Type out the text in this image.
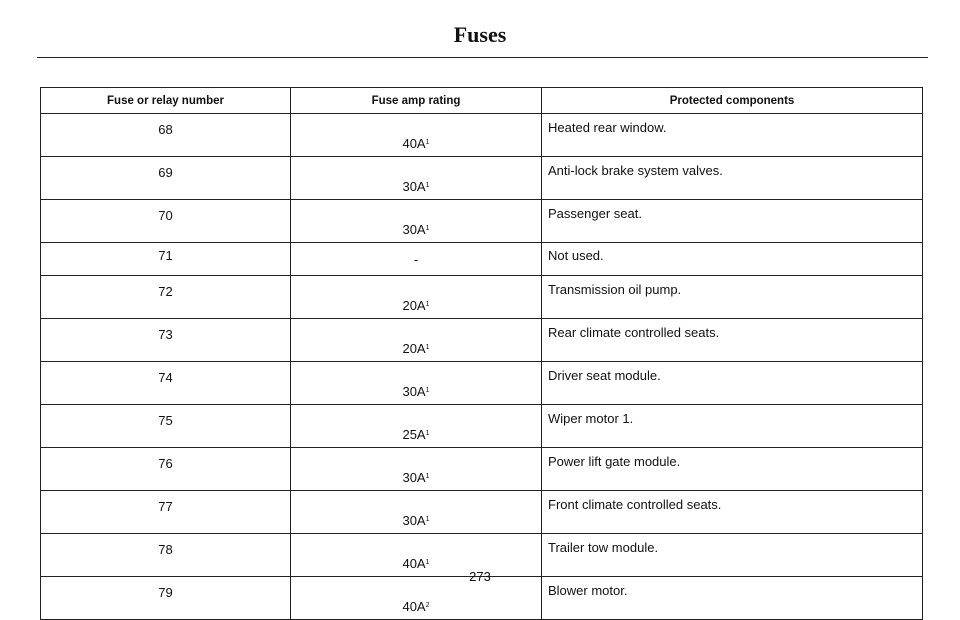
Fuses
Fuse or relay number	Fuse amp rating	Protected components
68	$40A^1$	Heated rear window.
69	$30A^1$	Anti-lock brake system valves.
70	$30A^1$	Passenger seat.
71	-	Not used.
72	$20A^1$	Transmission oil pump.
73	$20A^1$	Rear climate controlled seats.
74	$30A^1$	Driver seat module.
75	$25A^1$	Wiper motor 1.
76	$30A^1$	Power lift gate module.
77	$30A^1$	Front climate controlled seats.
78	$40A^1$	Trailer tow module.
79	$40A^2$	Blower motor.
273
